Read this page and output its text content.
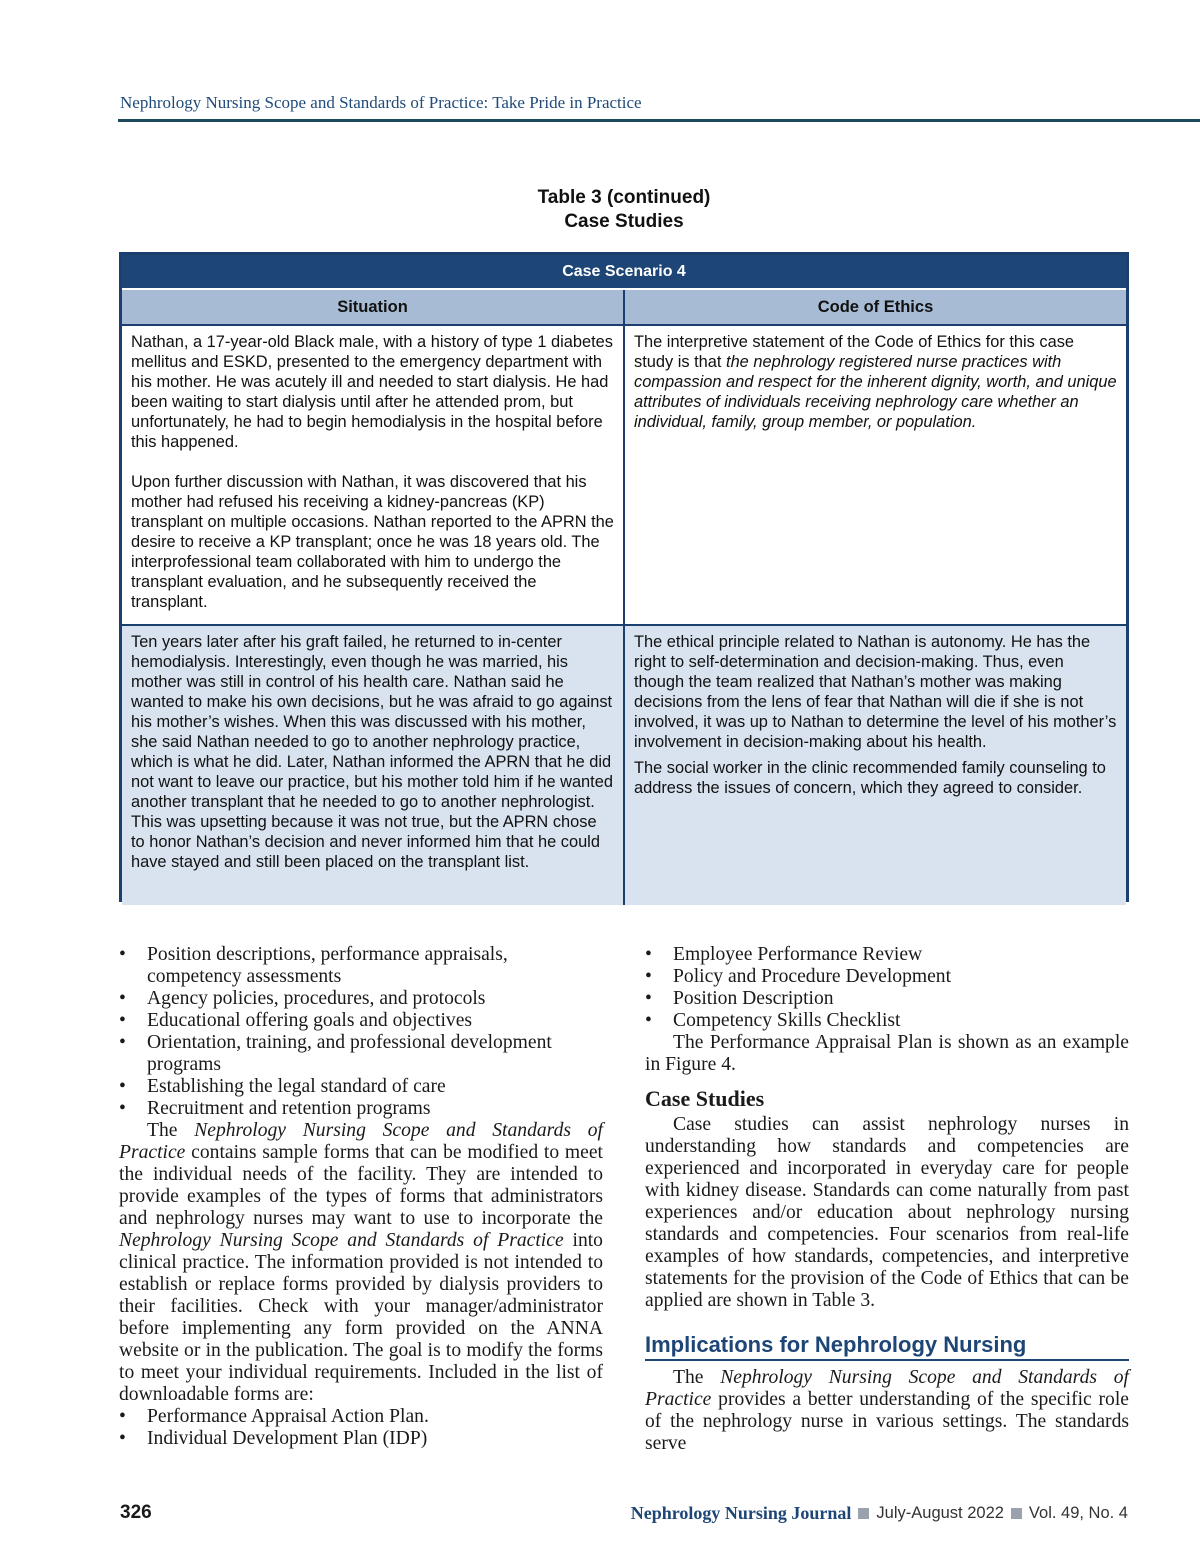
Nephrology Nursing Scope and Standards of Practice: Take Pride in Practice
Table 3 (continued)
Case Studies
Case Scenario 4
Situation	Code of Ethics

Nathan, a 17-year-old Black male, with a history of type 1 diabetes mellitus and ESKD, presented to the emergency department with his mother. He was acutely ill and needed to start dialysis. He had been waiting to start dialysis until after he attended prom, but unfortunately, he had to begin hemodialysis in the hospital before this happened.

Upon further discussion with Nathan, it was discovered that his mother had refused his receiving a kidney-pancreas (KP) transplant on multiple occasions. Nathan reported to the APRN the desire to receive a KP transplant; once he was 18 years old. The interprofessional team collaborated with him to undergo the transplant evaluation, and he subsequently received the transplant.

The interpretive statement of the Code of Ethics for this case study is that the nephrology registered nurse practices with compassion and respect for the inherent dignity, worth, and unique attributes of individuals receiving nephrology care whether an individual, family, group member, or population.

Ten years later after his graft failed, he returned to in-center hemodialysis. Interestingly, even though he was married, his mother was still in control of his health care. Nathan said he wanted to make his own decisions, but he was afraid to go against his mother’s wishes. When this was discussed with his mother, she said Nathan needed to go to another nephrology practice, which is what he did. Later, Nathan informed the APRN that he did not want to leave our practice, but his mother told him if he wanted another transplant that he needed to go to another nephrologist. This was upsetting because it was not true, but the APRN chose to honor Nathan’s decision and never informed him that he could have stayed and still been placed on the transplant list.

The ethical principle related to Nathan is autonomy. He has the right to self-determination and decision-making. Thus, even though the team realized that Nathan’s mother was making decisions from the lens of fear that Nathan will die if she is not involved, it was up to Nathan to determine the level of his mother’s involvement in decision-making about his health.

The social worker in the clinic recommended family counseling to address the issues of concern, which they agreed to consider.

• Position descriptions, performance appraisals, competency assessments
• Agency policies, procedures, and protocols
• Educational offering goals and objectives
• Orientation, training, and professional development programs
• Establishing the legal standard of care
• Recruitment and retention programs

The Nephrology Nursing Scope and Standards of Practice contains sample forms that can be modified to meet the individual needs of the facility. They are intended to provide examples of the types of forms that administrators and nephrology nurses may want to use to incorporate the Nephrology Nursing Scope and Standards of Practice into clinical practice. The information provided is not intended to establish or replace forms provided by dialysis providers to their facilities. Check with your manager/administrator before implementing any form provided on the ANNA website or in the publication. The goal is to modify the forms to meet your individual requirements. Included in the list of downloadable forms are:

• Performance Appraisal Action Plan.
• Individual Development Plan (IDP)
• Employee Performance Review
• Policy and Procedure Development
• Position Description
• Competency Skills Checklist

The Performance Appraisal Plan is shown as an example in Figure 4.

Case Studies

Case studies can assist nephrology nurses in understanding how standards and competencies are experienced and incorporated in everyday care for people with kidney disease. Standards can come naturally from past experiences and/or education about nephrology nursing standards and competencies. Four scenarios from real-life examples of how standards, competencies, and interpretive statements for the provision of the Code of Ethics that can be applied are shown in Table 3.

Implications for Nephrology Nursing

The Nephrology Nursing Scope and Standards of Practice provides a better understanding of the specific role of the nephrology nurse in various settings. The standards serve

326	Nephrology Nursing Journal July-August 2022 Vol. 49, No. 4
